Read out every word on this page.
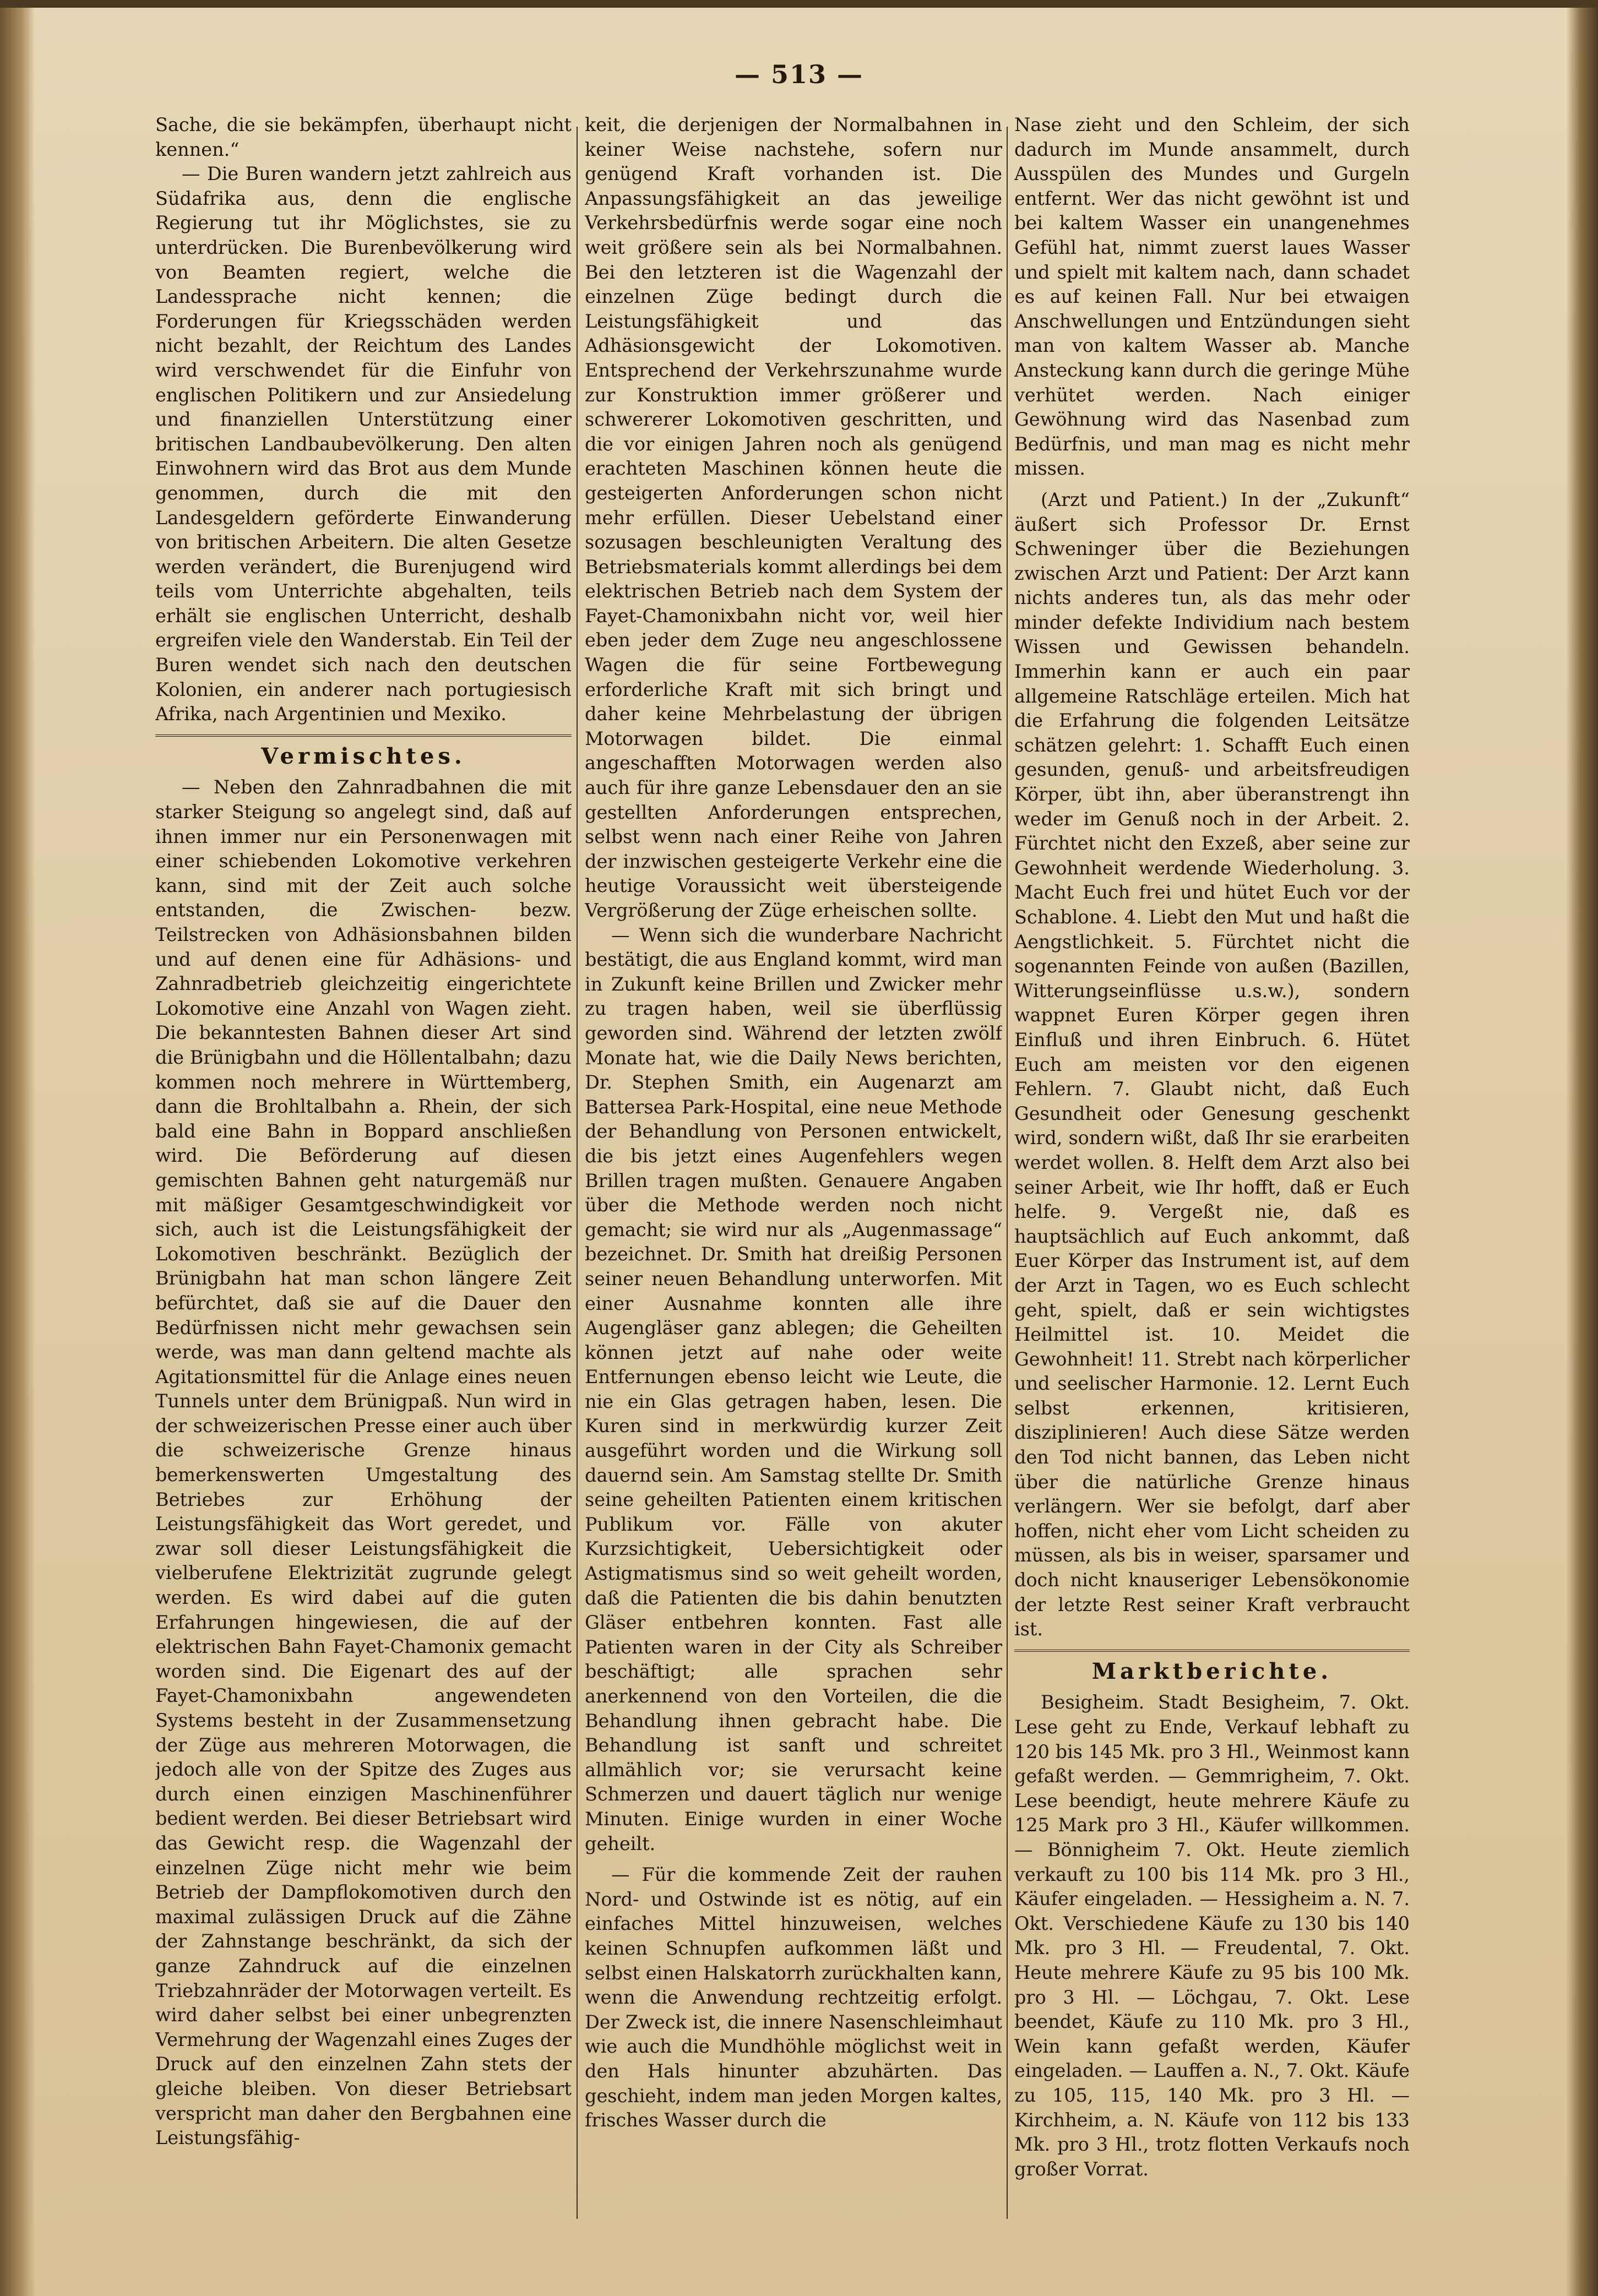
— 513 —

Sache, die sie bekämpfen, überhaupt nicht kennen.“

— Die Buren wandern jetzt zahlreich aus Südafrika aus, denn die englische Regierung tut ihr Möglichstes, sie zu unterdrücken. Die Burenbevölkerung wird von Beamten regiert, welche die Landessprache nicht kennen; die Forderungen für Kriegsschäden werden nicht bezahlt, der Reichtum des Landes wird verschwendet für die Einfuhr von englischen Politikern und zur Ansiedelung und finanziellen Unterstützung einer britischen Landbaubevölkerung. Den alten Einwohnern wird das Brot aus dem Munde genommen, durch die mit den Landesgeldern geförderte Einwanderung von britischen Arbeitern. Die alten Gesetze werden verändert, die Burenjugend wird teils vom Unterrichte abgehalten, teils erhält sie englischen Unterricht, deshalb ergreifen viele den Wanderstab. Ein Teil der Buren wendet sich nach den deutschen Kolonien, ein anderer nach portugiesisch Afrika, nach Argentinien und Mexiko.

Vermischtes.

— Neben den Zahnradbahnen die mit starker Steigung so angelegt sind, daß auf ihnen immer nur ein Personenwagen mit einer schiebenden Lokomotive verkehren kann, sind mit der Zeit auch solche entstanden, die Zwischen- bezw. Teilstrecken von Adhäsionsbahnen bilden und auf denen eine für Adhäsions- und Zahnradbetrieb gleichzeitig eingerichtete Lokomotive eine Anzahl von Wagen zieht. Die bekanntesten Bahnen dieser Art sind die Brünigbahn und die Höllentalbahn; dazu kommen noch mehrere in Württemberg, dann die Brohltalbahn a. Rhein, der sich bald eine Bahn in Boppard anschließen wird. Die Beförderung auf diesen gemischten Bahnen geht naturgemäß nur mit mäßiger Gesamtgeschwindigkeit vor sich, auch ist die Leistungsfähigkeit der Lokomotiven beschränkt. Bezüglich der Brünigbahn hat man schon längere Zeit befürchtet, daß sie auf die Dauer den Bedürfnissen nicht mehr gewachsen sein werde, was man dann geltend machte als Agitationsmittel für die Anlage eines neuen Tunnels unter dem Brünigpaß. Nun wird in der schweizerischen Presse einer auch über die schweizerische Grenze hinaus bemerkenswerten Umgestaltung des Betriebes zur Erhöhung der Leistungsfähigkeit das Wort geredet, und zwar soll dieser Leistungsfähigkeit die vielberufene Elektrizität zugrunde gelegt werden. Es wird dabei auf die guten Erfahrungen hingewiesen, die auf der elektrischen Bahn Fayet-Chamonix gemacht worden sind. Die Eigenart des auf der Fayet-Chamonixbahn angewendeten Systems besteht in der Zusammensetzung der Züge aus mehreren Motorwagen, die jedoch alle von der Spitze des Zuges aus durch einen einzigen Maschinenführer bedient werden. Bei dieser Betriebsart wird das Gewicht resp. die Wagenzahl der einzelnen Züge nicht mehr wie beim Betrieb der Dampflokomotiven durch den maximal zulässigen Druck auf die Zähne der Zahnstange beschränkt, da sich der ganze Zahndruck auf die einzelnen Triebzahnräder der Motorwagen verteilt. Es wird daher selbst bei einer unbegrenzten Vermehrung der Wagenzahl eines Zuges der Druck auf den einzelnen Zahn stets der gleiche bleiben. Von dieser Betriebsart verspricht man daher den Bergbahnen eine Leistungsfähig-

keit, die derjenigen der Normalbahnen in keiner Weise nachstehe, sofern nur genügend Kraft vorhanden ist. Die Anpassungsfähigkeit an das jeweilige Verkehrsbedürfnis werde sogar eine noch weit größere sein als bei Normalbahnen. Bei den letzteren ist die Wagenzahl der einzelnen Züge bedingt durch die Leistungsfähigkeit und das Adhäsionsgewicht der Lokomotiven. Entsprechend der Verkehrszunahme wurde zur Konstruktion immer größerer und schwererer Lokomotiven geschritten, und die vor einigen Jahren noch als genügend erachteten Maschinen können heute die gesteigerten Anforderungen schon nicht mehr erfüllen. Dieser Uebelstand einer sozusagen beschleunigten Veraltung des Betriebsmaterials kommt allerdings bei dem elektrischen Betrieb nach dem System der Fayet-Chamonixbahn nicht vor, weil hier eben jeder dem Zuge neu angeschlossene Wagen die für seine Fortbewegung erforderliche Kraft mit sich bringt und daher keine Mehrbelastung der übrigen Motorwagen bildet. Die einmal angeschafften Motorwagen werden also auch für ihre ganze Lebensdauer den an sie gestellten Anforderungen entsprechen, selbst wenn nach einer Reihe von Jahren der inzwischen gesteigerte Verkehr eine die heutige Voraussicht weit übersteigende Vergrößerung der Züge erheischen sollte.

— Wenn sich die wunderbare Nachricht bestätigt, die aus England kommt, wird man in Zukunft keine Brillen und Zwicker mehr zu tragen haben, weil sie überflüssig geworden sind. Während der letzten zwölf Monate hat, wie die Daily News berichten, Dr. Stephen Smith, ein Augenarzt am Battersea Park-Hospital, eine neue Methode der Behandlung von Personen entwickelt, die bis jetzt eines Augenfehlers wegen Brillen tragen mußten. Genauere Angaben über die Methode werden noch nicht gemacht; sie wird nur als „Augenmassage“ bezeichnet. Dr. Smith hat dreißig Personen seiner neuen Behandlung unterworfen. Mit einer Ausnahme konnten alle ihre Augengläser ganz ablegen; die Geheilten können jetzt auf nahe oder weite Entfernungen ebenso leicht wie Leute, die nie ein Glas getragen haben, lesen. Die Kuren sind in merkwürdig kurzer Zeit ausgeführt worden und die Wirkung soll dauernd sein. Am Samstag stellte Dr. Smith seine geheilten Patienten einem kritischen Publikum vor. Fälle von akuter Kurzsichtigkeit, Uebersichtigkeit oder Astigmatismus sind so weit geheilt worden, daß die Patienten die bis dahin benutzten Gläser entbehren konnten. Fast alle Patienten waren in der City als Schreiber beschäftigt; alle sprachen sehr anerkennend von den Vorteilen, die die Behandlung ihnen gebracht habe. Die Behandlung ist sanft und schreitet allmählich vor; sie verursacht keine Schmerzen und dauert täglich nur wenige Minuten. Einige wurden in einer Woche geheilt.

— Für die kommende Zeit der rauhen Nord- und Ostwinde ist es nötig, auf ein einfaches Mittel hinzuweisen, welches keinen Schnupfen aufkommen läßt und selbst einen Halskatorrh zurückhalten kann, wenn die Anwendung rechtzeitig erfolgt. Der Zweck ist, die innere Nasenschleimhaut wie auch die Mundhöhle möglichst weit in den Hals hinunter abzuhärten. Das geschieht, indem man jeden Morgen kaltes, frisches Wasser durch die

Nase zieht und den Schleim, der sich dadurch im Munde ansammelt, durch Ausspülen des Mundes und Gurgeln entfernt. Wer das nicht gewöhnt ist und bei kaltem Wasser ein unangenehmes Gefühl hat, nimmt zuerst laues Wasser und spielt mit kaltem nach, dann schadet es auf keinen Fall. Nur bei etwaigen Anschwellungen und Entzündungen sieht man von kaltem Wasser ab. Manche Ansteckung kann durch die geringe Mühe verhütet werden. Nach einiger Gewöhnung wird das Nasenbad zum Bedürfnis, und man mag es nicht mehr missen.

(Arzt und Patient.) In der „Zukunft“ äußert sich Professor Dr. Ernst Schweninger über die Beziehungen zwischen Arzt und Patient: Der Arzt kann nichts anderes tun, als das mehr oder minder defekte Individium nach bestem Wissen und Gewissen behandeln. Immerhin kann er auch ein paar allgemeine Ratschläge erteilen. Mich hat die Erfahrung die folgenden Leitsätze schätzen gelehrt: 1. Schafft Euch einen gesunden, genuß- und arbeitsfreudigen Körper, übt ihn, aber überanstrengt ihn weder im Genuß noch in der Arbeit. 2. Fürchtet nicht den Exzeß, aber seine zur Gewohnheit werdende Wiederholung. 3. Macht Euch frei und hütet Euch vor der Schablone. 4. Liebt den Mut und haßt die Aengstlichkeit. 5. Fürchtet nicht die sogenannten Feinde von außen (Bazillen, Witterungseinflüsse u.s.w.), sondern wappnet Euren Körper gegen ihren Einfluß und ihren Einbruch. 6. Hütet Euch am meisten vor den eigenen Fehlern. 7. Glaubt nicht, daß Euch Gesundheit oder Genesung geschenkt wird, sondern wißt, daß Ihr sie erarbeiten werdet wollen. 8. Helft dem Arzt also bei seiner Arbeit, wie Ihr hofft, daß er Euch helfe. 9. Vergeßt nie, daß es hauptsächlich auf Euch ankommt, daß Euer Körper das Instrument ist, auf dem der Arzt in Tagen, wo es Euch schlecht geht, spielt, daß er sein wichtigstes Heilmittel ist. 10. Meidet die Gewohnheit! 11. Strebt nach körperlicher und seelischer Harmonie. 12. Lernt Euch selbst erkennen, kritisieren, disziplinieren! Auch diese Sätze werden den Tod nicht bannen, das Leben nicht über die natürliche Grenze hinaus verlängern. Wer sie befolgt, darf aber hoffen, nicht eher vom Licht scheiden zu müssen, als bis in weiser, sparsamer und doch nicht knauseriger Lebensökonomie der letzte Rest seiner Kraft verbraucht ist.

Marktberichte.

Besigheim. Stadt Besigheim, 7. Okt. Lese geht zu Ende, Verkauf lebhaft zu 120 bis 145 Mk. pro 3 Hl., Weinmost kann gefaßt werden. — Gemmrigheim, 7. Okt. Lese beendigt, heute mehrere Käufe zu 125 Mark pro 3 Hl., Käufer willkommen. — Bönnigheim 7. Okt. Heute ziemlich verkauft zu 100 bis 114 Mk. pro 3 Hl., Käufer eingeladen. — Hessigheim a. N. 7. Okt. Verschiedene Käufe zu 130 bis 140 Mk. pro 3 Hl. — Freudental, 7. Okt. Heute mehrere Käufe zu 95 bis 100 Mk. pro 3 Hl. — Löchgau, 7. Okt. Lese beendet, Käufe zu 110 Mk. pro 3 Hl., Wein kann gefaßt werden, Käufer eingeladen. — Lauffen a. N., 7. Okt. Käufe zu 105, 115, 140 Mk. pro 3 Hl. — Kirchheim, a. N. Käufe von 112 bis 133 Mk. pro 3 Hl., trotz flotten Verkaufs noch großer Vorrat.
